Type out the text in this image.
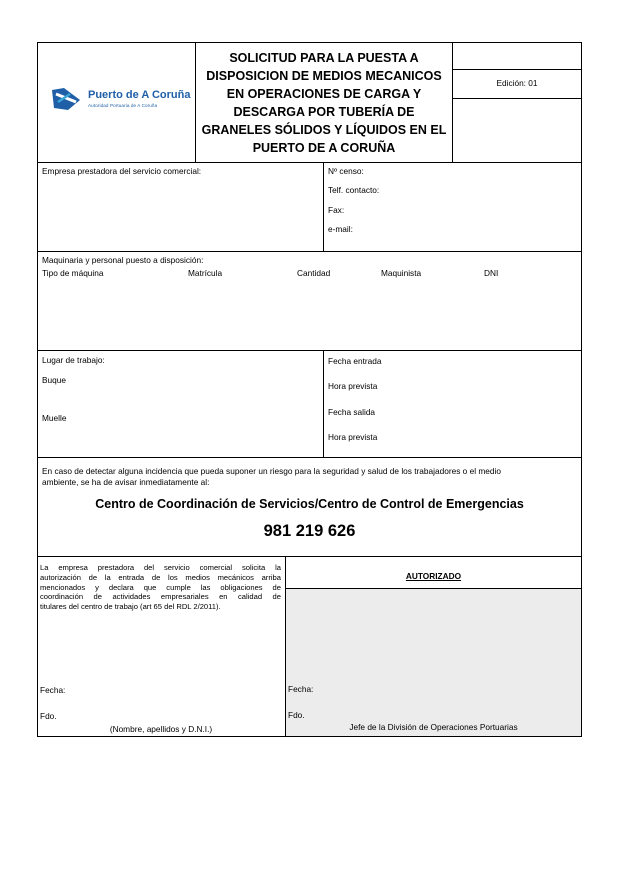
Puerto de A Coruña
Autoridad Portuaria de A Coruña
SOLICITUD PARA LA PUESTA A
DISPOSICION DE MEDIOS MECANICOS
EN OPERACIONES DE CARGA Y
DESCARGA POR TUBERÍA DE
GRANELES SÓLIDOS Y LÍQUIDOS EN EL
PUERTO DE A CORUÑA
Edición: 01
Empresa prestadora del servicio comercial:	Nº censo:
Telf. contacto:
Fax:
e-mail:
Maquinaria y personal puesto a disposición:
Tipo de máquina	Matrícula	Cantidad	Maquinista	DNI
Lugar de trabajo:
Buque
Muelle
Fecha entrada
Hora prevista
Fecha salida
Hora prevista
En caso de detectar alguna incidencia que pueda suponer un riesgo para la seguridad y salud de los trabajadores o el medio
ambiente, se ha de avisar inmediatamente al:
Centro de Coordinación de Servicios/Centro de Control de Emergencias
981 219 626
La empresa prestadora del servicio comercial solicita la
autorización de la entrada de los medios mecánicos arriba
mencionados y declara que cumple las obligaciones de
coordinación de actividades empresariales en calidad de
titulares del centro de trabajo (art 65 del RDL 2/2011).
Fecha:
Fdo.
(Nombre, apellidos y D.N.I.)
AUTORIZADO
Fecha:
Fdo.
Jefe de la División de Operaciones Portuarias
